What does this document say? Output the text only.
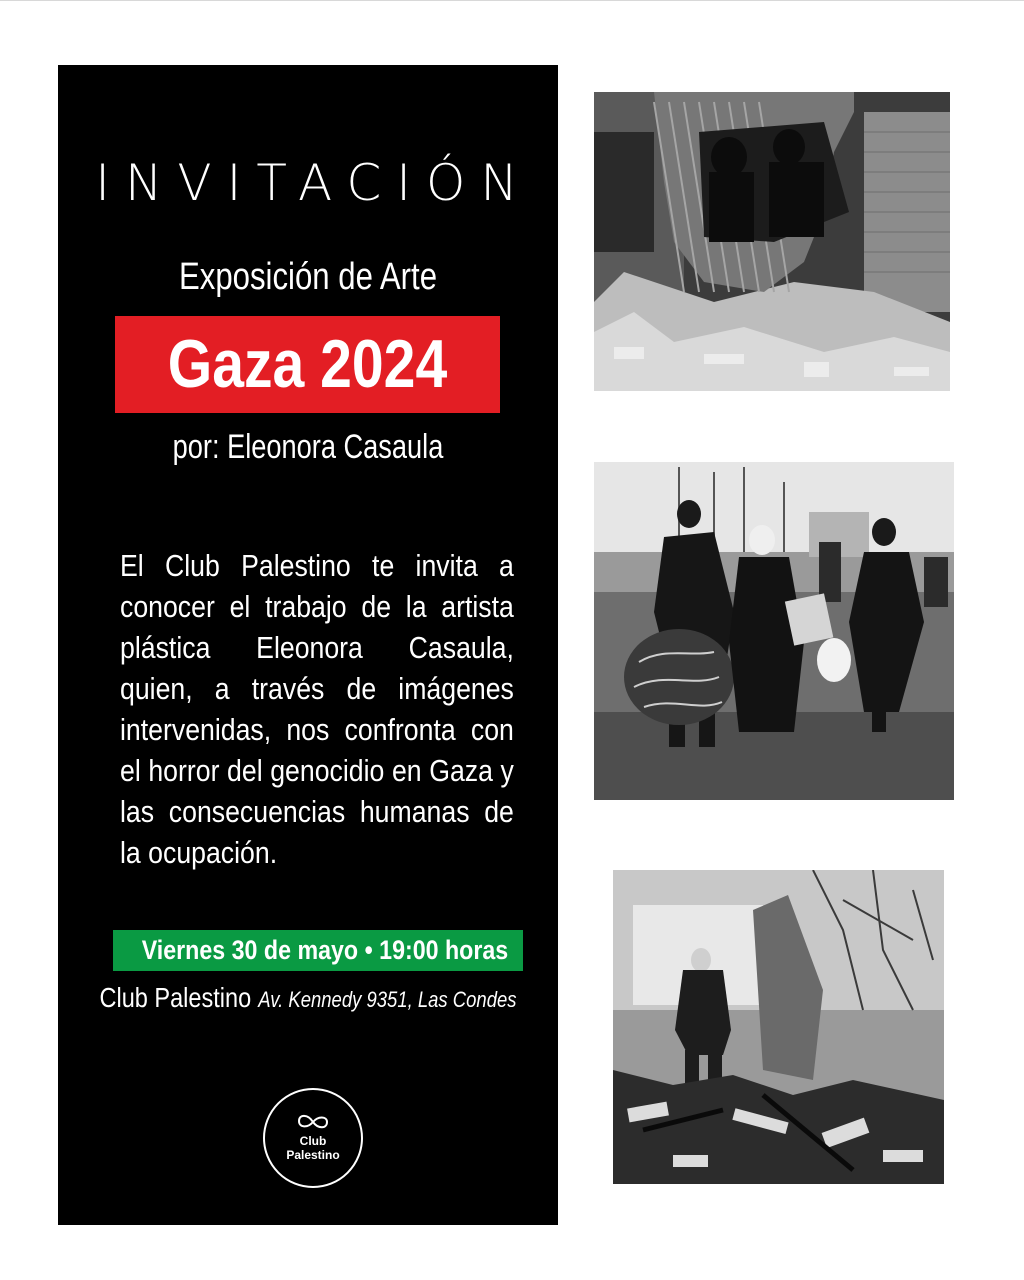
INVITACIÓN
Exposición de Arte
Gaza 2024
por: Eleonora Casaula
El Club Palestino te invita a conocer el trabajo de la artista plástica Eleonora Casaula, quien, a través de imágenes intervenidas, nos confronta con el horror del genocidio en Gaza y las consecuencias humanas de la ocupación.
Viernes 30 de mayo • 19:00 horas
Club Palestino Av. Kennedy 9351, Las Condes
Club
Palestino
